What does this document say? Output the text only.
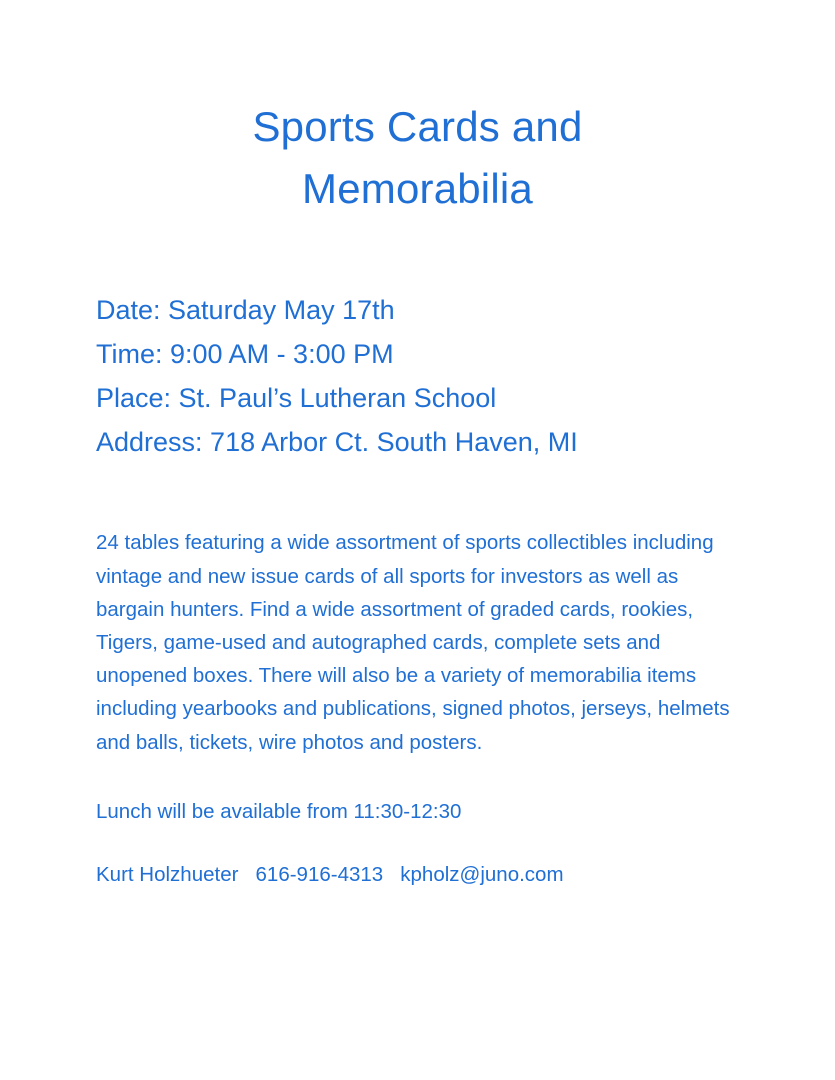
Sports Cards and
Memorabilia
Date: Saturday May 17th
Time: 9:00 AM - 3:00 PM
Place: St. Paul’s Lutheran School
Address: 718 Arbor Ct. South Haven, MI

24 tables featuring a wide assortment of sports collectibles including vintage and new issue cards of all sports for investors as well as bargain hunters. Find a wide assortment of graded cards, rookies, Tigers, game-used and autographed cards, complete sets and unopened boxes. There will also be a variety of memorabilia items including yearbooks and publications, signed photos, jerseys, helmets and balls, tickets, wire photos and posters.

Lunch will be available from 11:30-12:30
Kurt Holzhueter   616-916-4313   kpholz@juno.com
